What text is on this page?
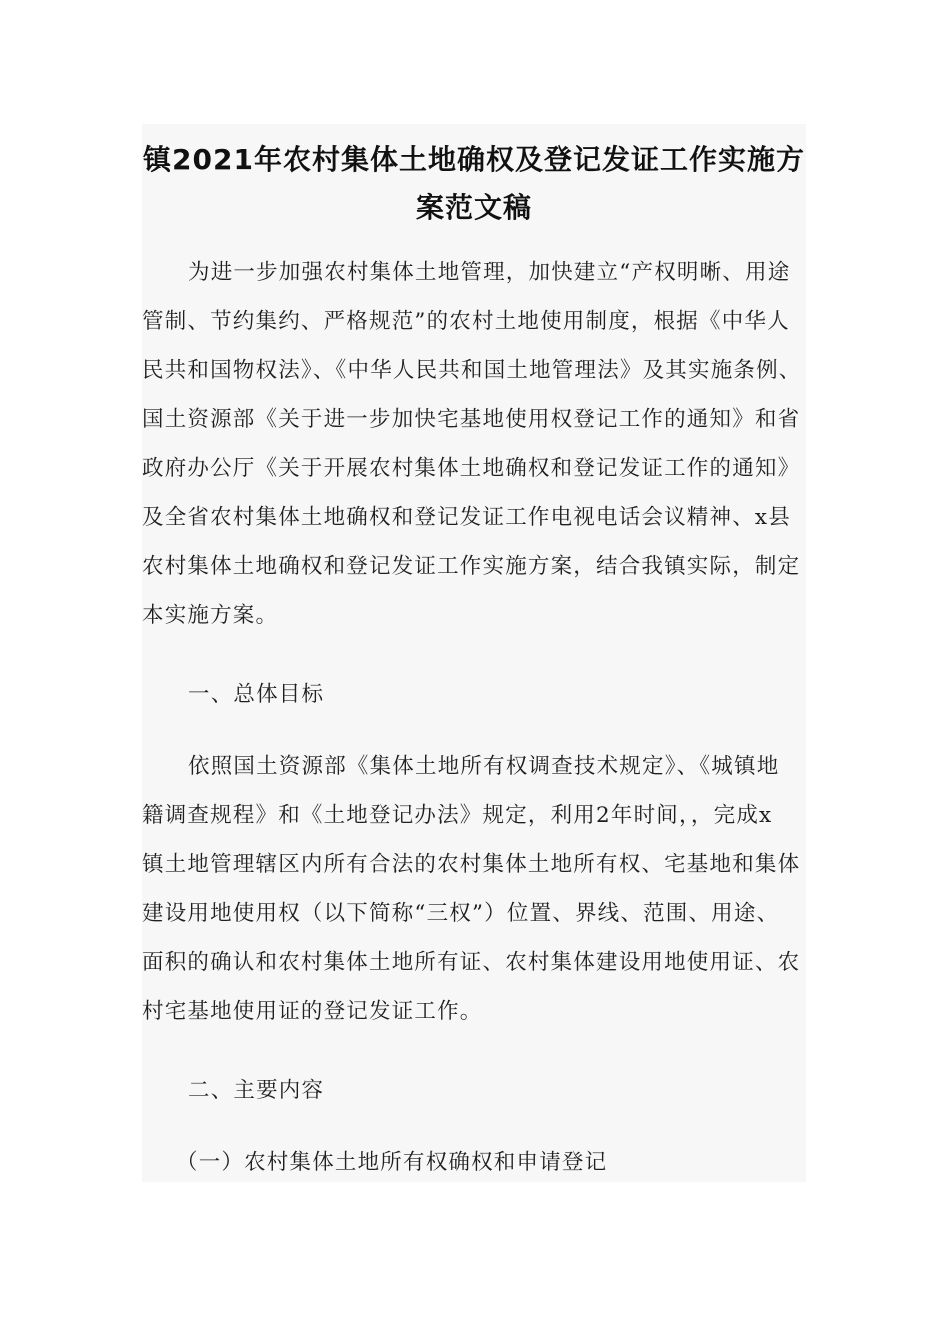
镇2021年农村集体土地确权及登记发证工作实施方
案范文稿
为进一步加强农村集体土地管理，加快建立“产权明晰、用途
管制、节约集约、严格规范”的农村土地使用制度，根据《中华人
民共和国物权法》、《中华人民共和国土地管理法》及其实施条例、
国土资源部《关于进一步加快宅基地使用权登记工作的通知》和省
政府办公厅《关于开展农村集体土地确权和登记发证工作的通知》
及全省农村集体土地确权和登记发证工作电视电话会议精神、x县
农村集体土地确权和登记发证工作实施方案，结合我镇实际，制定
本实施方案。
一、总体目标
依照国土资源部《集体土地所有权调查技术规定》、《城镇地
籍调查规程》和《土地登记办法》规定，利用2年时间，，完成x
镇土地管理辖区内所有合法的农村集体土地所有权、宅基地和集体
建设用地使用权（以下简称“三权”）位置、界线、范围、用途、
面积的确认和农村集体土地所有证、农村集体建设用地使用证、农
村宅基地使用证的登记发证工作。
二、主要内容
（一）农村集体土地所有权确权和申请登记
